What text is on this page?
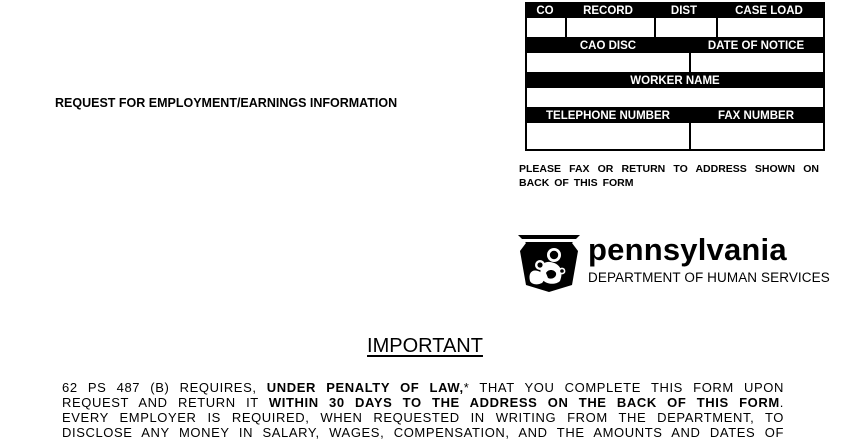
REQUEST FOR EMPLOYMENT/EARNINGS INFORMATION
CO	RECORD	DIST	CASE LOAD
CAO DISC	DATE OF NOTICE
WORKER NAME
TELEPHONE NUMBER	FAX NUMBER
PLEASE FAX OR RETURN TO ADDRESS SHOWN ON BACK OF THIS FORM
pennsylvania
DEPARTMENT OF HUMAN SERVICES
IMPORTANT
62 PS 487 (B) REQUIRES, UNDER PENALTY OF LAW,* THAT YOU COMPLETE THIS FORM UPON
REQUEST AND RETURN IT WITHIN 30 DAYS TO THE ADDRESS ON THE BACK OF THIS FORM.
EVERY EMPLOYER IS REQUIRED, WHEN REQUESTED IN WRITING FROM THE DEPARTMENT, TO
DISCLOSE ANY MONEY IN SALARY, WAGES, COMPENSATION, AND THE AMOUNTS AND DATES OF
